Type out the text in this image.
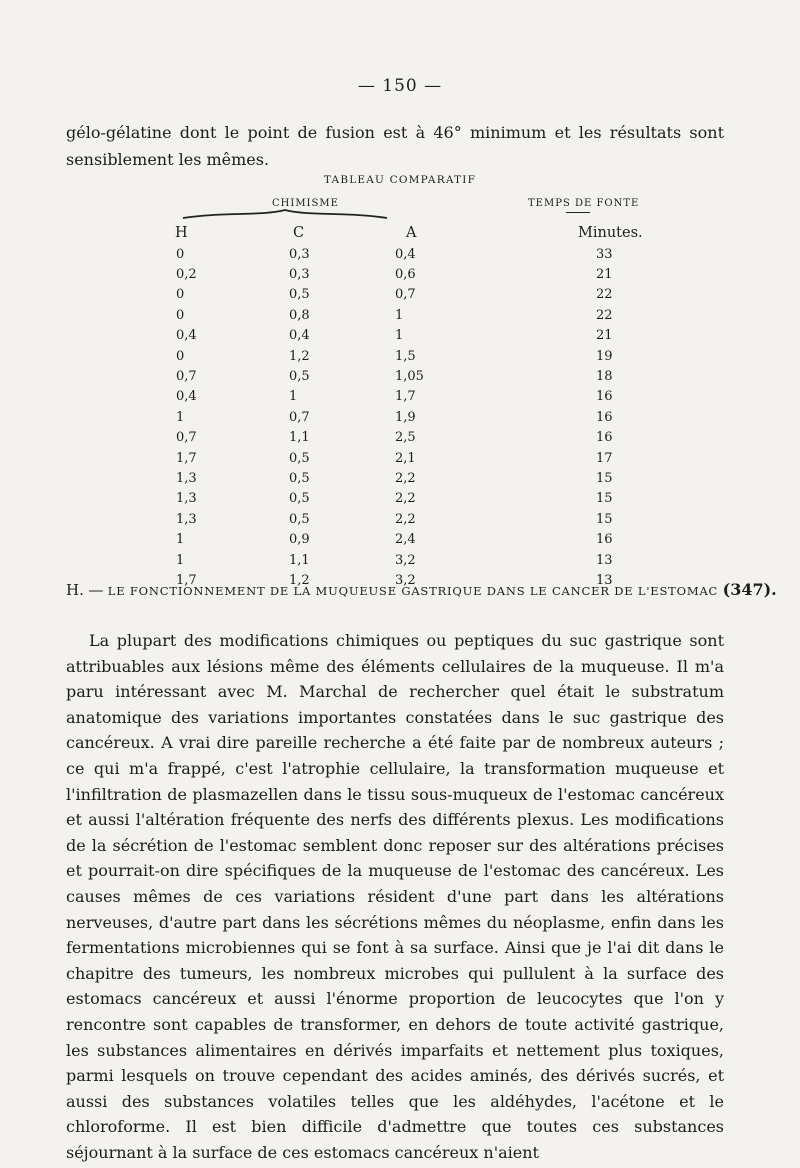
— 150 —

gélo-gélatine dont le point de fusion est à 46° minimum et les résultats sont sensiblement les mêmes.

TABLEAU COMPARATIF
CHIMISME	TEMPS DE FONTE
H	C	A	Minutes.
0	0,3	0,4	33
0,2	0,3	0,6	21
0	0,5	0,7	22
0	0,8	1	22
0,4	0,4	1	21
0	1,2	1,5	19
0,7	0,5	1,05	18
0,4	1	1,7	16
1	0,7	1,9	16
0,7	1,1	2,5	16
1,7	0,5	2,1	17
1,3	0,5	2,2	15
1,3	0,5	2,2	15
1,3	0,5	2,2	15
1	0,9	2,4	16
1	1,1	3,2	13
1,7	1,2	3,2	13
H. — LE FONCTIONNEMENT DE LA MUQUEUSE GASTRIQUE DANS LE CANCER DE L'ESTOMAC (347).

La plupart des modifications chimiques ou peptiques du suc gastrique sont attribuables aux lésions même des éléments cellulaires de la muqueuse. Il m'a paru intéressant avec M. Marchal de rechercher quel était le substratum anatomique des variations importantes constatées dans le suc gastrique des cancéreux. A vrai dire pareille recherche a été faite par de nombreux auteurs ; ce qui m'a frappé, c'est l'atrophie cellulaire, la transformation muqueuse et l'infiltration de plasmazellen dans le tissu sous-muqueux de l'estomac cancéreux et aussi l'altération fréquente des nerfs des différents plexus. Les modifications de la sécrétion de l'estomac semblent donc reposer sur des altérations précises et pourrait-on dire spécifiques de la muqueuse de l'estomac des cancéreux. Les causes mêmes de ces variations résident d'une part dans les altérations nerveuses, d'autre part dans les sécrétions mêmes du néoplasme, enfin dans les fermentations microbiennes qui se font à sa surface. Ainsi que je l'ai dit dans le chapitre des tumeurs, les nombreux microbes qui pullulent à la surface des estomacs cancéreux et aussi l'énorme proportion de leucocytes que l'on y rencontre sont capables de transformer, en dehors de toute activité gastrique, les substances alimentaires en dérivés imparfaits et nettement plus toxiques, parmi lesquels on trouve cependant des acides aminés, des dérivés sucrés, et aussi des substances volatiles telles que les aldéhydes, l'acétone et le chloroforme. Il est bien difficile d'admettre que toutes ces substances séjournant à la surface de ces estomacs cancéreux n'aient
